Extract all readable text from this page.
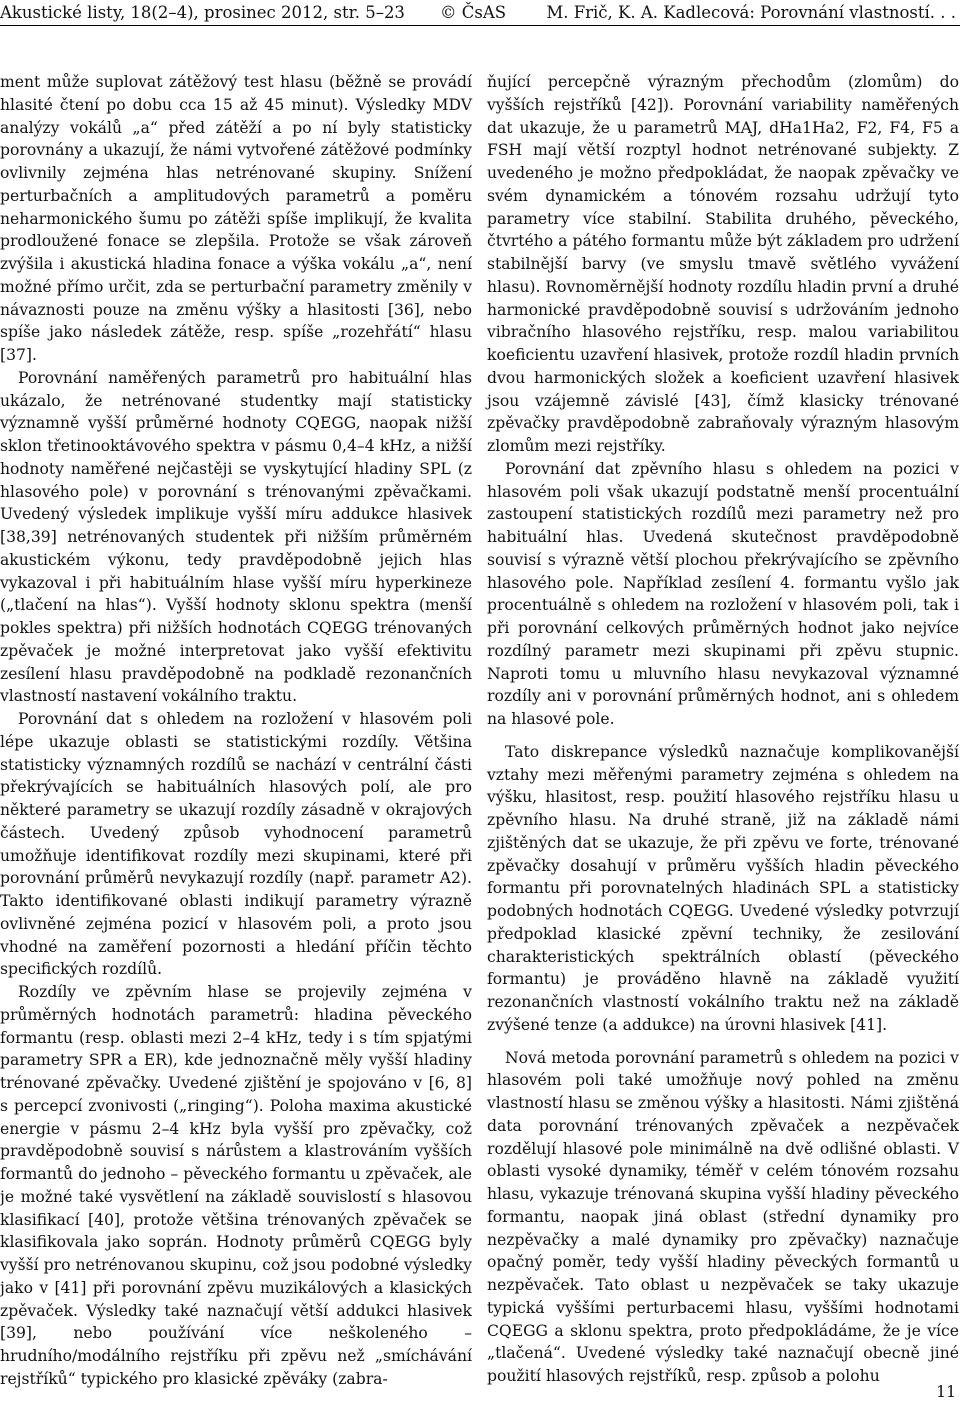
Akustické listy, 18(2–4), prosinec 2012, str. 5–23 © ČsAS M. Frič, K. A. Kadlecová: Porovnání vlastností. . .

ment může suplovat zátěžový test hlasu (běžně se provádí hlasité čtení po dobu cca 15 až 45 minut). Výsledky MDV analýzy vokálů „a“ před zátěží a po ní byly statisticky porovnány a ukazují, že námi vytvořené zátěžové podmínky ovlivnily zejména hlas netrénované skupiny. Snížení perturbačních a amplitudových parametrů a poměru neharmonického šumu po zátěži spíše implikují, že kvalita prodloužené fonace se zlepšila. Protože se však zároveň zvýšila i akustická hladina fonace a výška vokálu „a“, není možné přímo určit, zda se perturbační parametry změnily v návaznosti pouze na změnu výšky a hlasitosti [36], nebo spíše jako následek zátěže, resp. spíše „rozehřátí“ hlasu [37].

Porovnání naměřených parametrů pro habituální hlas ukázalo, že netrénované studentky mají statisticky významně vyšší průměrné hodnoty CQEGG, naopak nižší sklon třetinooktávového spektra v pásmu 0,4–4 kHz, a nižší hodnoty naměřené nejčastěji se vyskytující hladiny SPL (z hlasového pole) v porovnání s trénovanými zpěvačkami. Uvedený výsledek implikuje vyšší míru addukce hlasivek [38,39] netrénovaných studentek při nižším průměrném akustickém výkonu, tedy pravděpodobně jejich hlas vykazoval i při habituálním hlase vyšší míru hyperkineze („tlačení na hlas“). Vyšší hodnoty sklonu spektra (menší pokles spektra) při nižších hodnotách CQEGG trénovaných zpěvaček je možné interpretovat jako vyšší efektivitu zesílení hlasu pravděpodobně na podkladě rezonančních vlastností nastavení vokálního traktu.

Porovnání dat s ohledem na rozložení v hlasovém poli lépe ukazuje oblasti se statistickými rozdíly. Většina statisticky významných rozdílů se nachází v centrální části překrývajících se habituálních hlasových polí, ale pro některé parametry se ukazují rozdíly zásadně v okrajových částech. Uvedený způsob vyhodnocení parametrů umožňuje identifikovat rozdíly mezi skupinami, které při porovnání průměrů nevykazují rozdíly (např. parametr A2). Takto identifikované oblasti indikují parametry výrazně ovlivněné zejména pozicí v hlasovém poli, a proto jsou vhodné na zaměření pozornosti a hledání příčin těchto specifických rozdílů.

Rozdíly ve zpěvním hlase se projevily zejména v průměrných hodnotách parametrů: hladina pěveckého formantu (resp. oblasti mezi 2–4 kHz, tedy i s tím spjatými parametry SPR a ER), kde jednoznačně měly vyšší hladiny trénované zpěvačky. Uvedené zjištění je spojováno v [6, 8] s percepcí zvonivosti („ringing“). Poloha maxima akustické energie v pásmu 2–4 kHz byla vyšší pro zpěvačky, což pravděpodobně souvisí s nárůstem a klastrováním vyšších formantů do jednoho – pěveckého formantu u zpěvaček, ale je možné také vysvětlení na základě souvislostí s hlasovou klasifikací [40], protože většina trénovaných zpěvaček se klasifikovala jako soprán. Hodnoty průměrů CQEGG byly vyšší pro netrénovanou skupinu, což jsou podobné výsledky jako v [41] při porovnání zpěvu muzikálových a klasických zpěvaček. Výsledky také naznačují větší addukci hlasivek [39], nebo používání více neškoleného – hrudního/modálního rejstříku při zpěvu než „smíchávání rejstříků“ typického pro klasické zpěváky (zabra-

ňující percepčně výrazným přechodům (zlomům) do vyšších rejstříků [42]). Porovnání variability naměřených dat ukazuje, že u parametrů MAJ, dHa1Ha2, F2, F4, F5 a FSH mají větší rozptyl hodnot netrénované subjekty. Z uvedeného je možno předpokládat, že naopak zpěvačky ve svém dynamickém a tónovém rozsahu udržují tyto parametry více stabilní. Stabilita druhého, pěveckého, čtvrtého a pátého formantu může být základem pro udržení stabilnější barvy (ve smyslu tmavě světlého vyvážení hlasu). Rovnoměrnější hodnoty rozdílu hladin první a druhé harmonické pravděpodobně souvisí s udržováním jednoho vibračního hlasového rejstříku, resp. malou variabilitou koeficientu uzavření hlasivek, protože rozdíl hladin prvních dvou harmonických složek a koeficient uzavření hlasivek jsou vzájemně závislé [43], čímž klasicky trénované zpěvačky pravděpodobně zabraňovaly výrazným hlasovým zlomům mezi rejstříky.

Porovnání dat zpěvního hlasu s ohledem na pozici v hlasovém poli však ukazují podstatně menší procentuální zastoupení statistických rozdílů mezi parametry než pro habituální hlas. Uvedená skutečnost pravděpodobně souvisí s výrazně větší plochou překrývajícího se zpěvního hlasového pole. Například zesílení 4. formantu vyšlo jak procentuálně s ohledem na rozložení v hlasovém poli, tak i při porovnání celkových průměrných hodnot jako nejvíce rozdílný parametr mezi skupinami při zpěvu stupnic. Naproti tomu u mluvního hlasu nevykazoval významné rozdíly ani v porovnání průměrných hodnot, ani s ohledem na hlasové pole.

Tato diskrepance výsledků naznačuje komplikovanější vztahy mezi měřenými parametry zejména s ohledem na výšku, hlasitost, resp. použití hlasového rejstříku hlasu u zpěvního hlasu. Na druhé straně, již na základě námi zjištěných dat se ukazuje, že při zpěvu ve forte, trénované zpěvačky dosahují v průměru vyšších hladin pěveckého formantu při porovnatelných hladinách SPL a statisticky podobných hodnotách CQEGG. Uvedené výsledky potvrzují předpoklad klasické zpěvní techniky, že zesilování charakteristických spektrálních oblastí (pěveckého formantu) je prováděno hlavně na základě využití rezonančních vlastností vokálního traktu než na základě zvýšené tenze (a addukce) na úrovni hlasivek [41].

Nová metoda porovnání parametrů s ohledem na pozici v hlasovém poli také umožňuje nový pohled na změnu vlastností hlasu se změnou výšky a hlasitosti. Námi zjištěná data porovnání trénovaných zpěvaček a nezpěvaček rozdělují hlasové pole minimálně na dvě odlišné oblasti. V oblasti vysoké dynamiky, téměř v celém tónovém rozsahu hlasu, vykazuje trénovaná skupina vyšší hladiny pěveckého formantu, naopak jiná oblast (střední dynamiky pro nezpěvačky a malé dynamiky pro zpěvačky) naznačuje opačný poměr, tedy vyšší hladiny pěveckých formantů u nezpěvaček. Tato oblast u nezpěvaček se taky ukazuje typická vyššími perturbacemi hlasu, vyššími hodnotami CQEGG a sklonu spektra, proto předpokládáme, že je více „tlačená“. Uvedené výsledky také naznačují obecně jiné použití hlasových rejstříků, resp. způsob a polohu

11
